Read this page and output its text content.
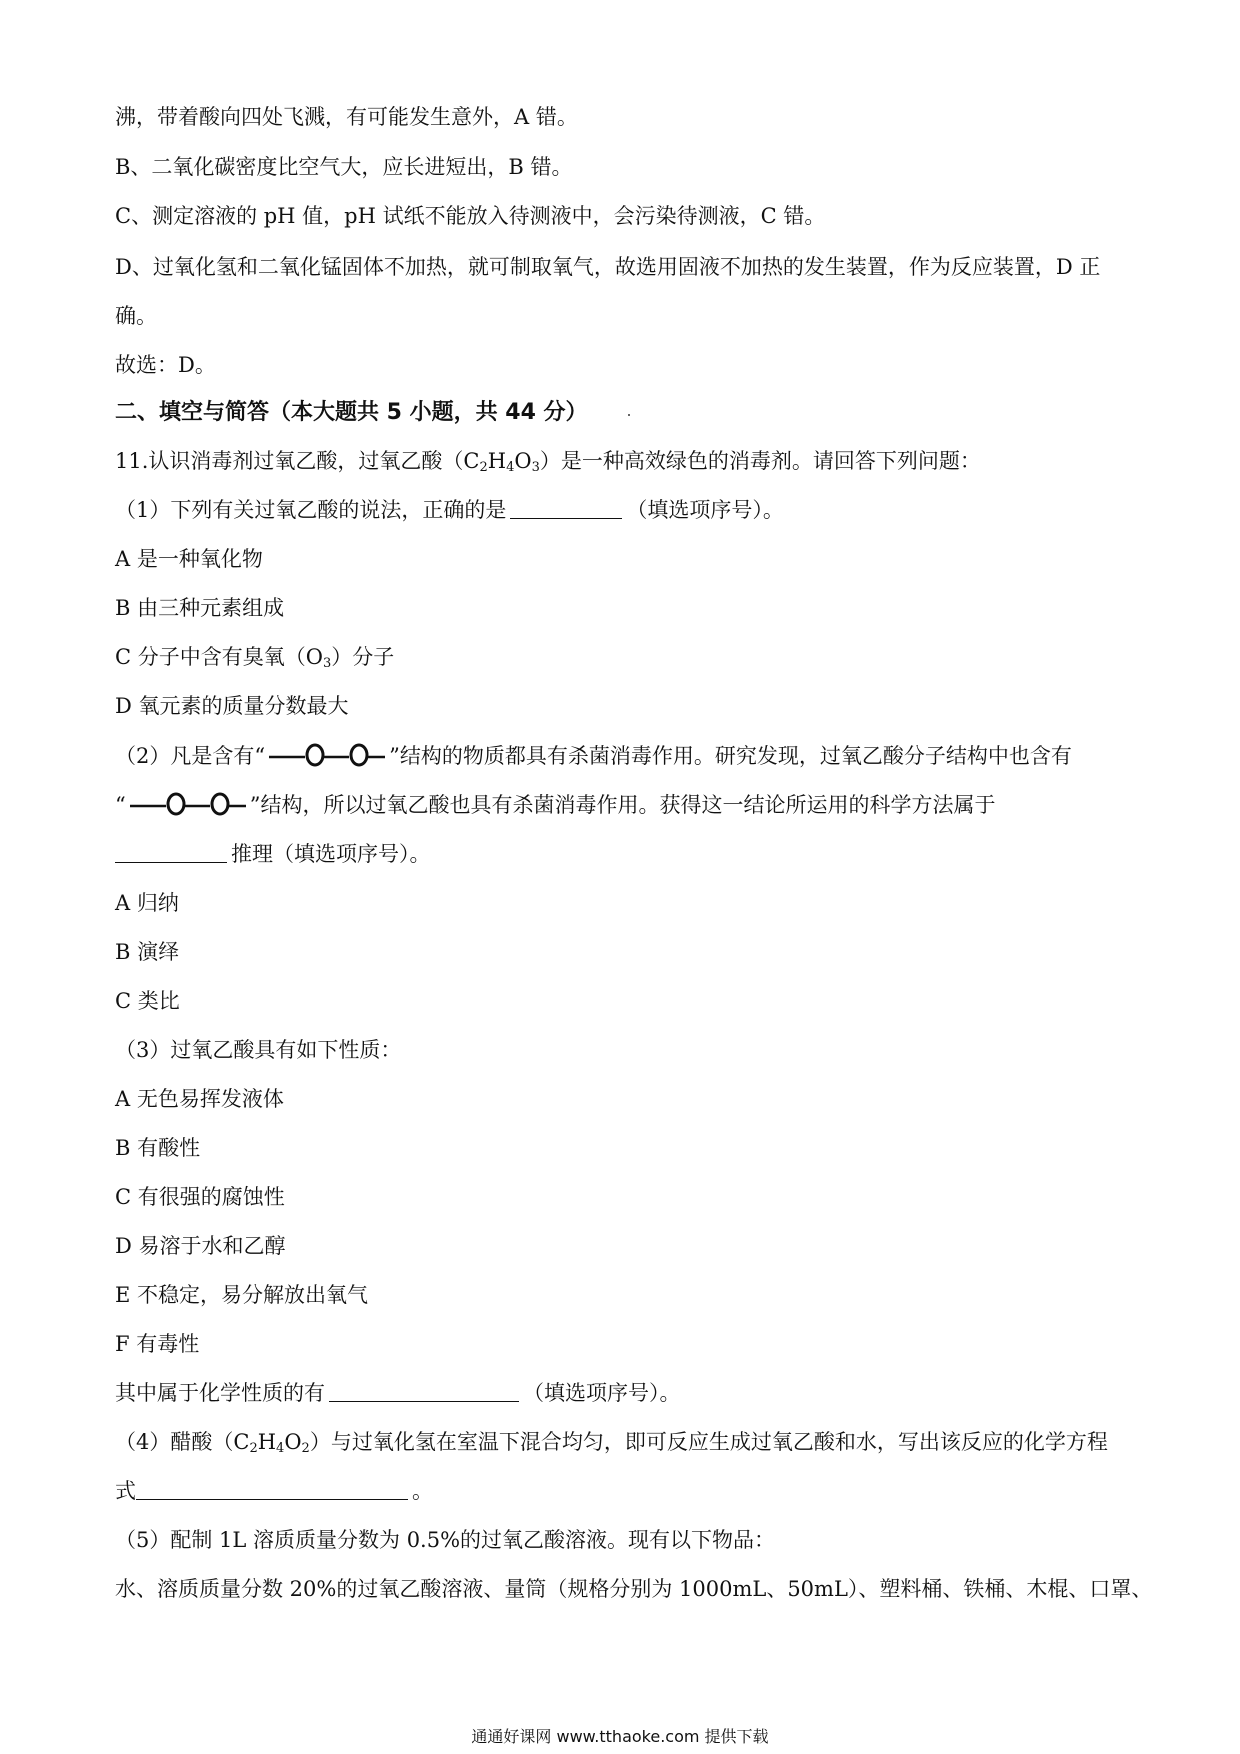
沸，带着酸向四处飞溅，有可能发生意外，A 错。
B、二氧化碳密度比空气大，应长进短出，B 错。
C、测定溶液的 pH 值，pH 试纸不能放入待测液中，会污染待测液，C 错。
D、过氧化氢和二氧化锰固体不加热，就可制取氧气，故选用固液不加热的发生装置，作为反应装置，D 正
确。
故选：D。
二、填空与简答（本大题共 5 小题，共 44 分）
11.认识消毒剂过氧乙酸，过氧乙酸$(C_2H_4O_3)$是一种高效绿色的消毒剂。请回答下列问题：
（1）下列有关过氧乙酸的说法，正确的是	（填选项序号）。
A 是一种氧化物
B 由三种元素组成
C 分子中含有臭氧$(O_3)$分子
D 氧元素的质量分数最大
（2）凡是含有“	”结构的物质都具有杀菌消毒作用。研究发现，过氧乙酸分子结构中也含有
“	”结构，所以过氧乙酸也具有杀菌消毒作用。获得这一结论所运用的科学方法属于
推理（填选项序号）。
A 归纳
B 演绎
C 类比
（3）过氧乙酸具有如下性质：
A 无色易挥发液体
B 有酸性
C 有很强的腐蚀性
D 易溶于水和乙醇
E 不稳定，易分解放出氧气
F 有毒性
其中属于化学性质的有	（填选项序号）。
（4）醋酸$(C_2H_4O_2)$与过氧化氢在室温下混合均匀，即可反应生成过氧乙酸和水，写出该反应的化学方程
式	。
（5）配制 1L 溶质质量分数为 0.5%的过氧乙酸溶液。现有以下物品：
水、溶质质量分数 20%的过氧乙酸溶液、量筒（规格分别为 1000mL、50mL）、塑料桶、铁桶、木棍、口罩、
通通好课网 www.tthaoke.com 提供下载
